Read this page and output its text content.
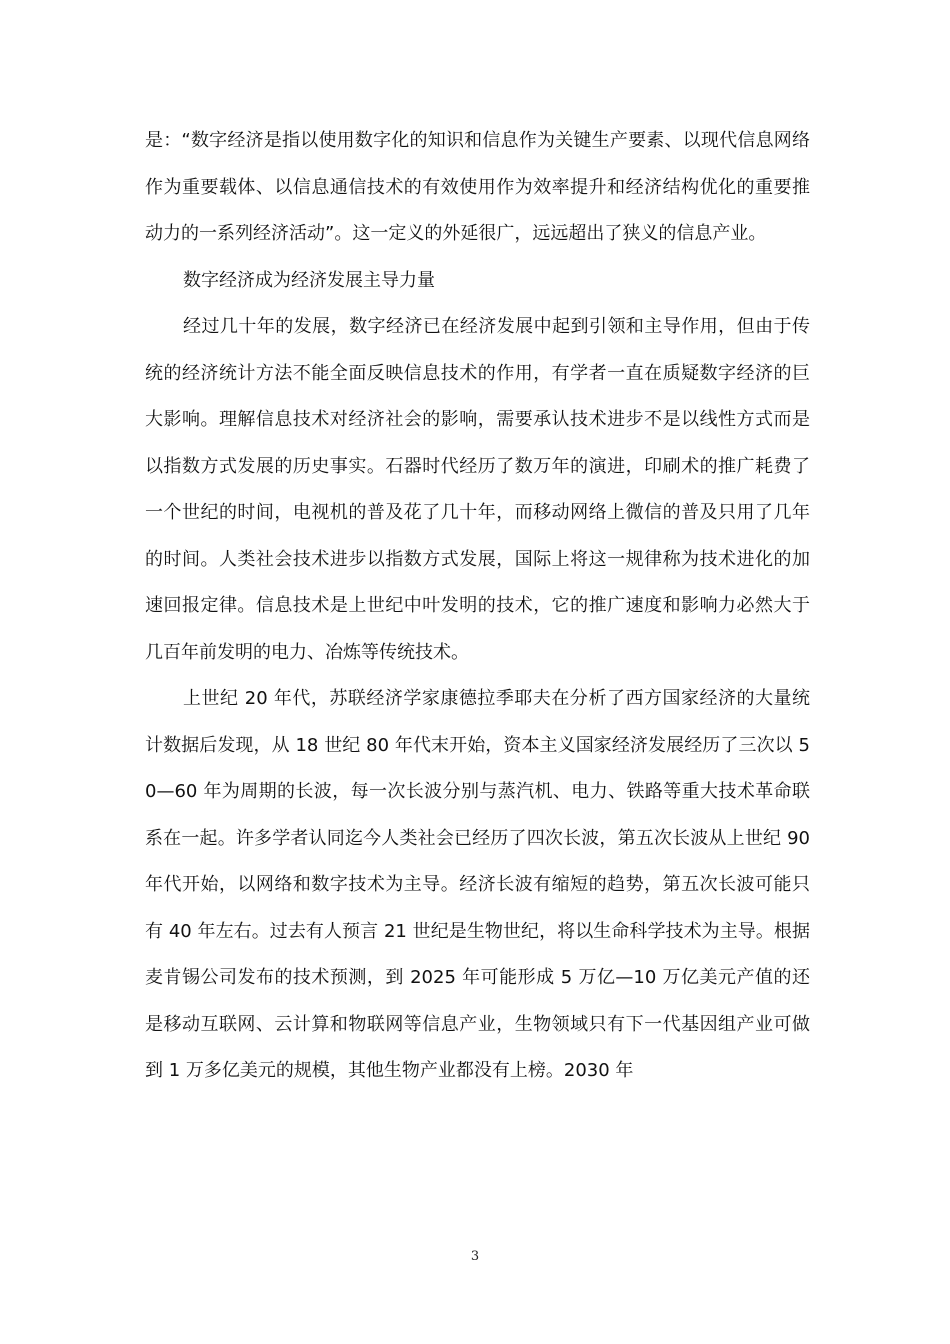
是：“数字经济是指以使用数字化的知识和信息作为关键生产要素、以现代信息网络作为重要载体、以信息通信技术的有效使用作为效率提升和经济结构优化的重要推动力的一系列经济活动”。这一定义的外延很广，远远超出了狭义的信息产业。

数字经济成为经济发展主导力量

经过几十年的发展，数字经济已在经济发展中起到引领和主导作用，但由于传统的经济统计方法不能全面反映信息技术的作用，有学者一直在质疑数字经济的巨大影响。理解信息技术对经济社会的影响，需要承认技术进步不是以线性方式而是以指数方式发展的历史事实。石器时代经历了数万年的演进，印刷术的推广耗费了一个世纪的时间，电视机的普及花了几十年，而移动网络上微信的普及只用了几年的时间。人类社会技术进步以指数方式发展，国际上将这一规律称为技术进化的加速回报定律。信息技术是上世纪中叶发明的技术，它的推广速度和影响力必然大于几百年前发明的电力、冶炼等传统技术。

上世纪 20 年代，苏联经济学家康德拉季耶夫在分析了西方国家经济的大量统计数据后发现，从 18 世纪 80 年代末开始，资本主义国家经济发展经历了三次以 50—60 年为周期的长波，每一次长波分别与蒸汽机、电力、铁路等重大技术革命联系在一起。许多学者认同迄今人类社会已经历了四次长波，第五次长波从上世纪 90 年代开始，以网络和数字技术为主导。经济长波有缩短的趋势，第五次长波可能只有 40 年左右。过去有人预言 21 世纪是生物世纪，将以生命科学技术为主导。根据麦肯锡公司发布的技术预测，到 2025 年可能形成 5 万亿—10 万亿美元产值的还是移动互联网、云计算和物联网等信息产业，生物领域只有下一代基因组产业可做到 1 万多亿美元的规模，其他生物产业都没有上榜。2030 年

3
